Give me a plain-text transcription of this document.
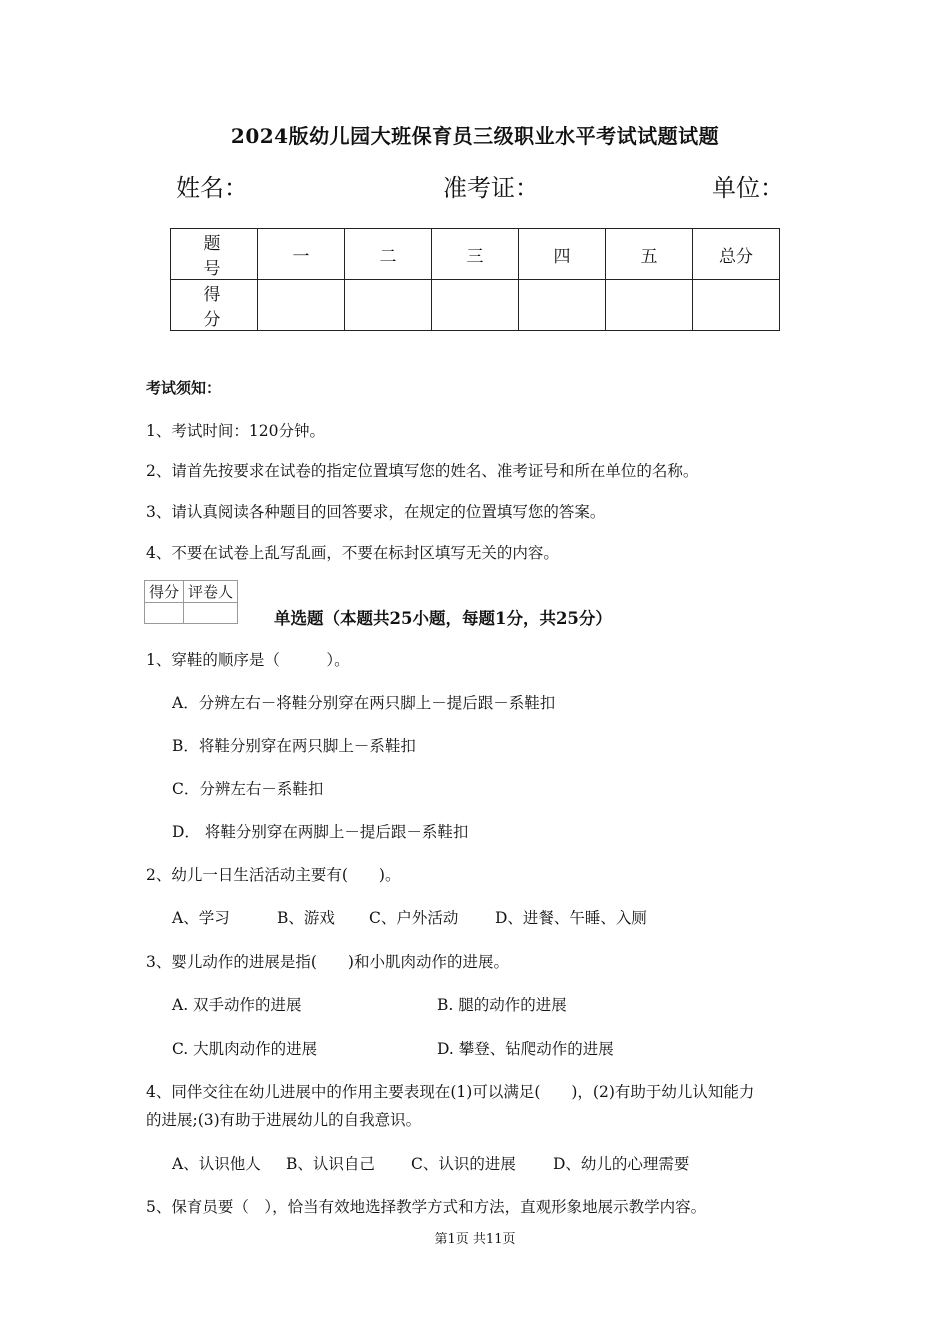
2024版幼儿园大班保育员三级职业水平考试试题试题
姓名：	准考证：	单位：
题　号	一	二	三	四	五	总分
得　分						
考试须知：
1、考试时间：120分钟。
2、请首先按要求在试卷的指定位置填写您的姓名、准考证号和所在单位的名称。
3、请认真阅读各种题目的回答要求，在规定的位置填写您的答案。
4、不要在试卷上乱写乱画，不要在标封区填写无关的内容。
得分	评卷人

单选题（本题共25小题，每题1分，共25分）
1、穿鞋的顺序是（　　　）。
A．分辨左右－将鞋分别穿在两只脚上－提后跟－系鞋扣
B．将鞋分别穿在两只脚上－系鞋扣
C．分辨左右－系鞋扣
D． 将鞋分别穿在两脚上－提后跟－系鞋扣
2、幼儿一日生活活动主要有(　　)。
A、学习	B、游戏 C、户外活动 D、进餐、午睡、入厕
3、婴儿动作的进展是指(　　)和小肌肉动作的进展。
A. 双手动作的进展	B. 腿的动作的进展
C. 大肌肉动作的进展	D. 攀登、钻爬动作的进展
4、同伴交往在幼儿进展中的作用主要表现在(1)可以满足(　　)，(2)有助于幼儿认知能力
的进展;(3)有助于进展幼儿的自我意识。
A、认识他人 B、认识自己 C、认识的进展 D、幼儿的心理需要
5、保育员要（　），恰当有效地选择教学方式和方法，直观形象地展示教学内容。
第1页 共11页
